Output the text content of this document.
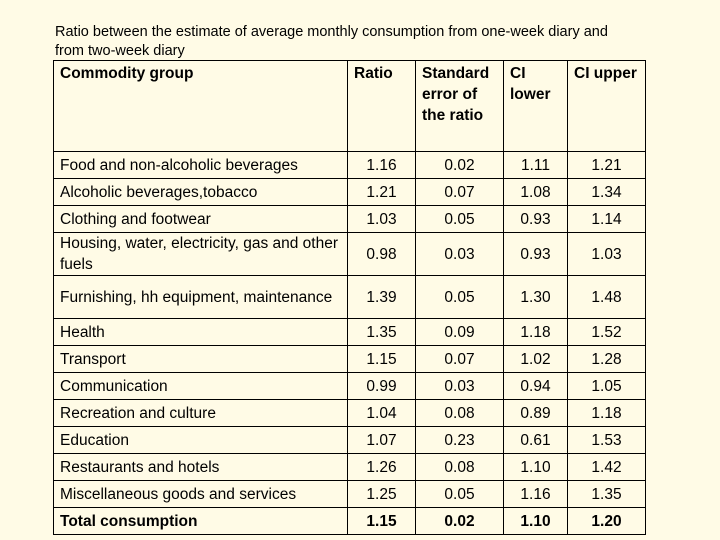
Ratio between the estimate of average monthly consumption from one-week diary and from two-week diary
Commodity group	Ratio	Standard error of the ratio	CI lower	CI upper
Food and non-alcoholic beverages	1.16	0.02	1.11	1.21
Alcoholic beverages,tobacco	1.21	0.07	1.08	1.34
Clothing and footwear	1.03	0.05	0.93	1.14
Housing, water, electricity, gas and other fuels	0.98	0.03	0.93	1.03
Furnishing, hh equipment, maintenance	1.39	0.05	1.30	1.48
Health	1.35	0.09	1.18	1.52
Transport	1.15	0.07	1.02	1.28
Communication	0.99	0.03	0.94	1.05
Recreation and culture	1.04	0.08	0.89	1.18
Education	1.07	0.23	0.61	1.53
Restaurants and hotels	1.26	0.08	1.10	1.42
Miscellaneous goods and services	1.25	0.05	1.16	1.35
Total consumption	1.15	0.02	1.10	1.20
